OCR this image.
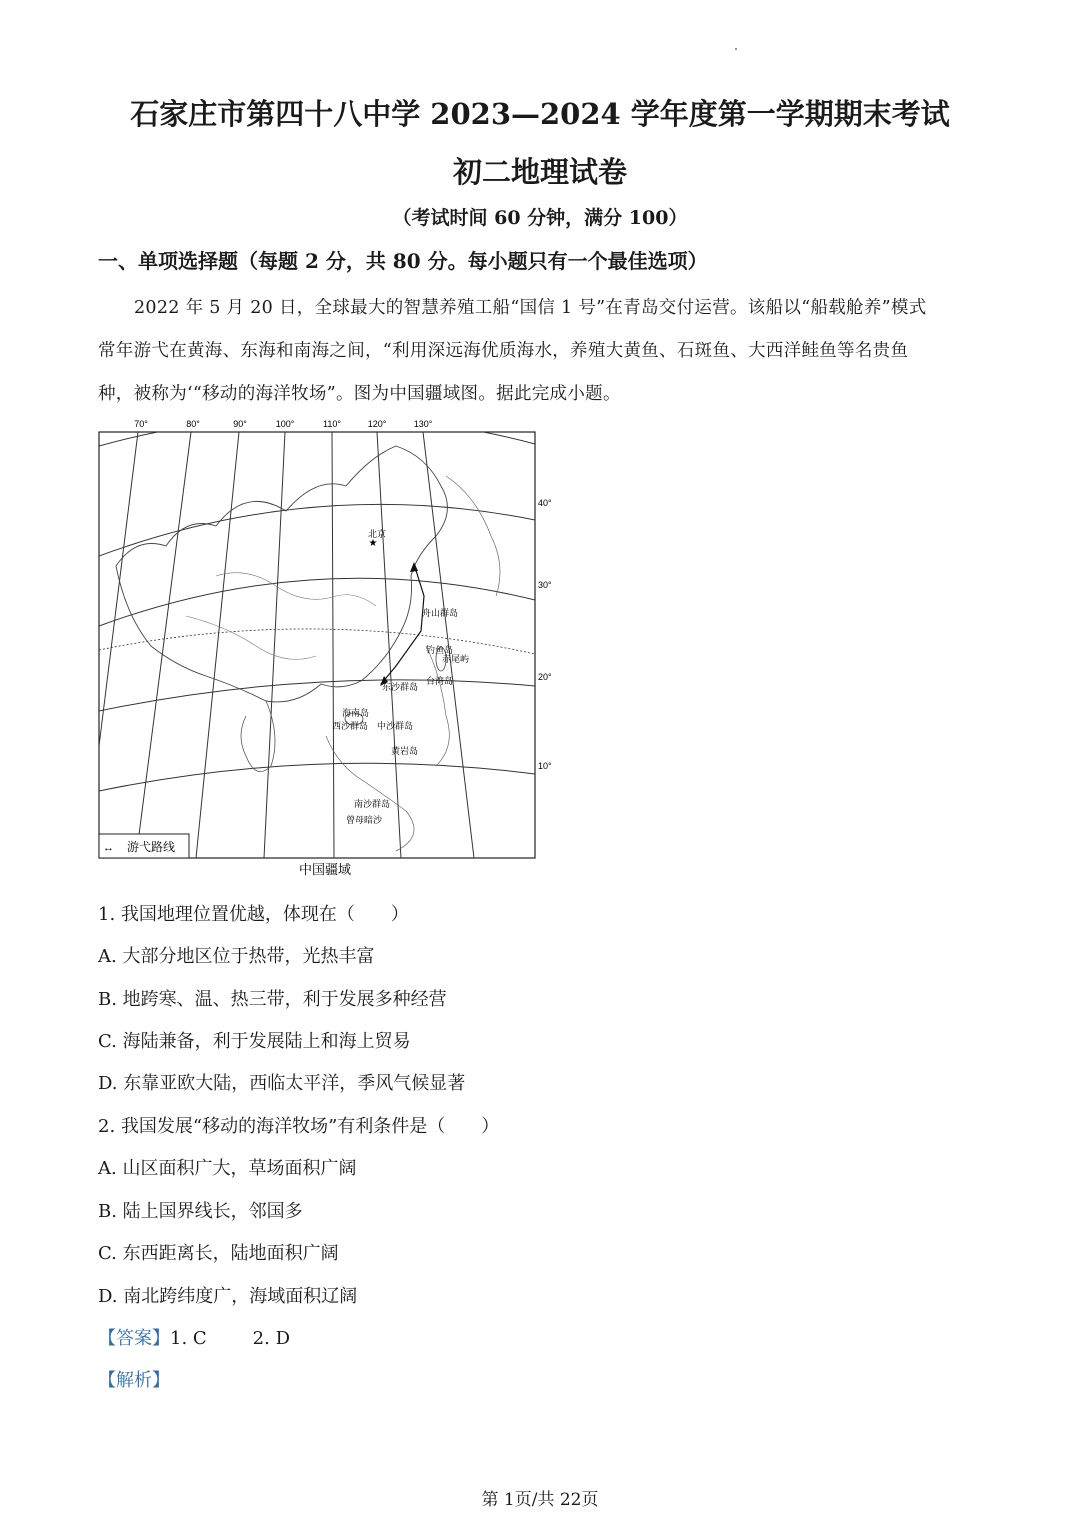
石家庄市第四十八中学 2023—2024 学年度第一学期期末考试
初二地理试卷

（考试时间 60 分钟，满分 100）

一、单项选择题（每题 2 分，共 80 分。每小题只有一个最佳选项）

2022 年 5 月 20 日，全球最大的智慧养殖工船“国信 1 号”在青岛交付运营。该船以“船载舱养”模式
常年游弋在黄海、东海和南海之间，“利用深远海优质海水，养殖大黄鱼、石斑鱼、大西洋鲑鱼等名贵鱼
种，被称为‘“移动的海洋牧场”。图为中国疆域图。据此完成小题。
70°	80°	90°	100°	110°	120°	130°
40°
30°
20°
10°
★
北京
舟山群岛
钓鱼岛
赤尾屿
东沙群岛
台湾岛
海南岛
西沙群岛 中沙群岛
黄岩岛
南沙群岛
曾母暗沙
↔ 游弋路线
中国疆域

1. 我国地理位置优越，体现在（　　）

A. 大部分地区位于热带，光热丰富

B. 地跨寒、温、热三带，利于发展多种经营

C. 海陆兼备，利于发展陆上和海上贸易

D. 东靠亚欧大陆，西临太平洋，季风气候显著

2. 我国发展“移动的海洋牧场”有利条件是（　　）

A. 山区面积广大，草场面积广阔

B. 陆上国界线长，邻国多

C. 东西距离长，陆地面积广阔

D. 南北跨纬度广，海域面积辽阔

【答案】1. C	2. D

【解析】

第 1页/共 22页
